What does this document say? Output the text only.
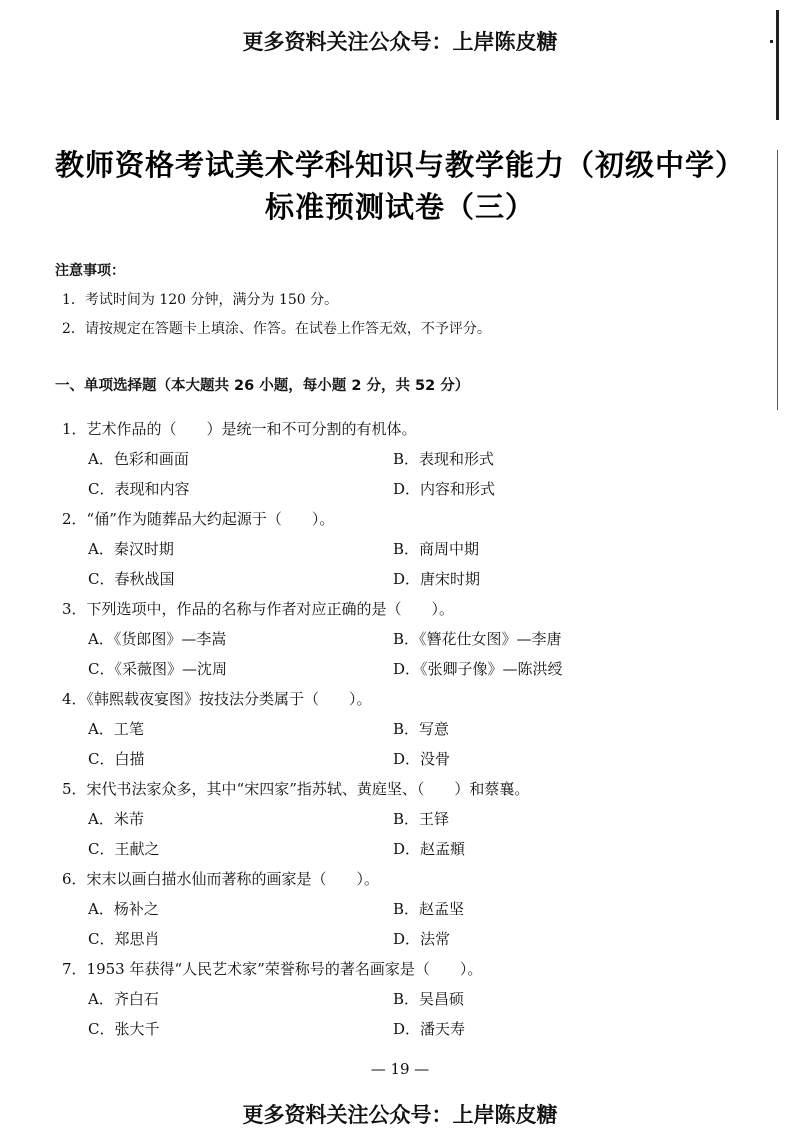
更多资料关注公众号：上岸陈皮糖
教师资格考试美术学科知识与教学能力（初级中学）
标准预测试卷（三）
注意事项：
1．考试时间为 120 分钟，满分为 150 分。
2．请按规定在答题卡上填涂、作答。在试卷上作答无效，不予评分。
一、单项选择题（本大题共 26 小题，每小题 2 分，共 52 分）
1．艺术作品的（　　）是统一和不可分割的有机体。
A．色彩和画面	B．表现和形式
C．表现和内容	D．内容和形式
2．“俑”作为随葬品大约起源于（　　）。
A．秦汉时期	B．商周中期
C．春秋战国	D．唐宋时期
3．下列选项中，作品的名称与作者对应正确的是（　　）。
A．《货郎图》—李嵩	B．《簪花仕女图》—李唐
C．《采薇图》—沈周	D．《张卿子像》—陈洪绶
4．《韩熙载夜宴图》按技法分类属于（　　）。
A．工笔	B．写意
C．白描	D．没骨
5．宋代书法家众多，其中“宋四家”指苏轼、黄庭坚、（　　）和蔡襄。
A．米芾	B．王铎
C．王献之	D．赵孟頫
6．宋末以画白描水仙而著称的画家是（　　）。
A．杨补之	B．赵孟坚
C．郑思肖	D．法常
7．1953 年获得“人民艺术家”荣誉称号的著名画家是（　　）。
A．齐白石	B．吴昌硕
C．张大千	D．潘天寿
— 19 —
更多资料关注公众号：上岸陈皮糖
